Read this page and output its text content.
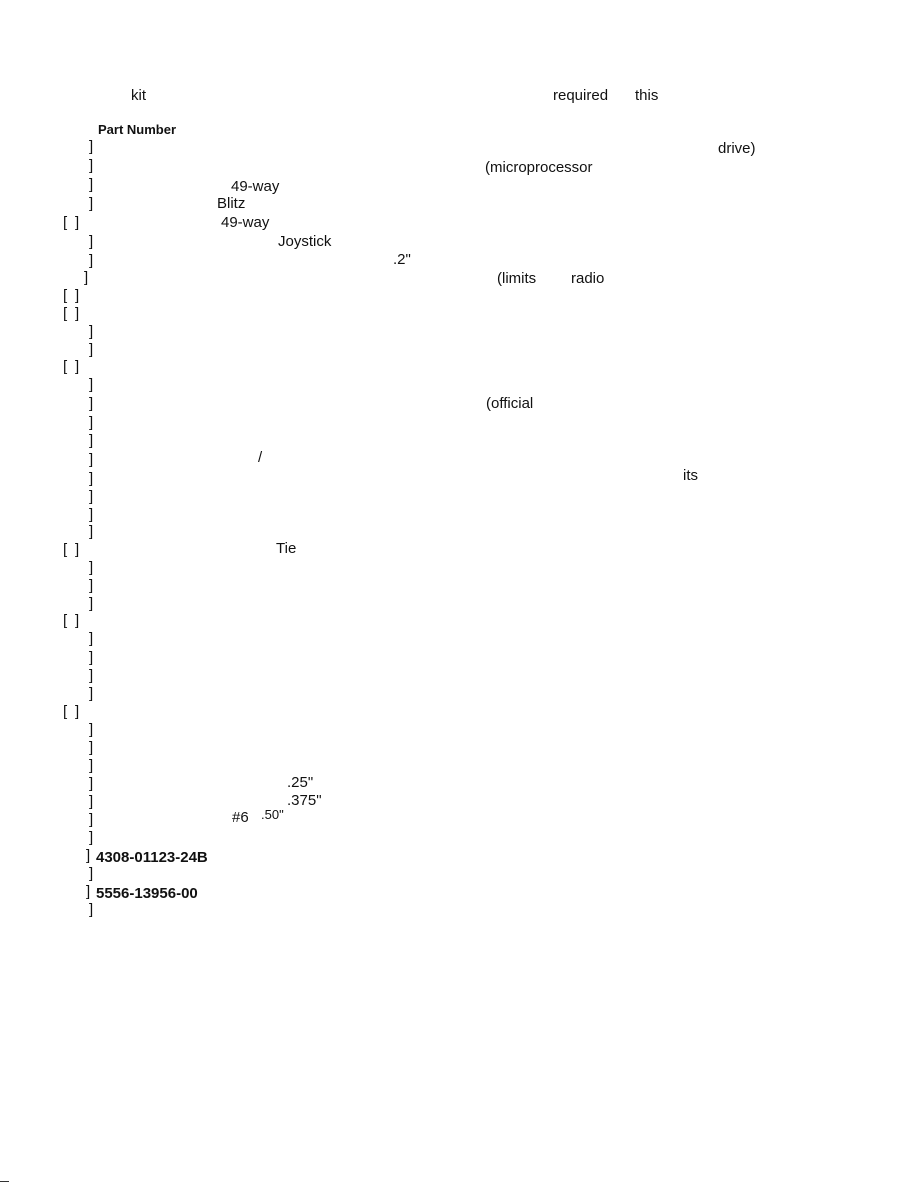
kit	required this
Part Number
]
]
]
]
[ ]
]
]
]
[ ]
[ ]
]
]
[ ]
]
]
]
]
]
]
]
]
]
[ ]
]
]
]
[ ]
]
]
]
]
[ ]
]
]
]
]
]
]
]
]
]
]
]
drive)
(microprocessor
49-way
Blitz
49-way
Joystick
.2"
(limits radio
(official
/
its
Tie
.25"
.375"
#6 .50"
4308-01123-24B
5556-13956-00
